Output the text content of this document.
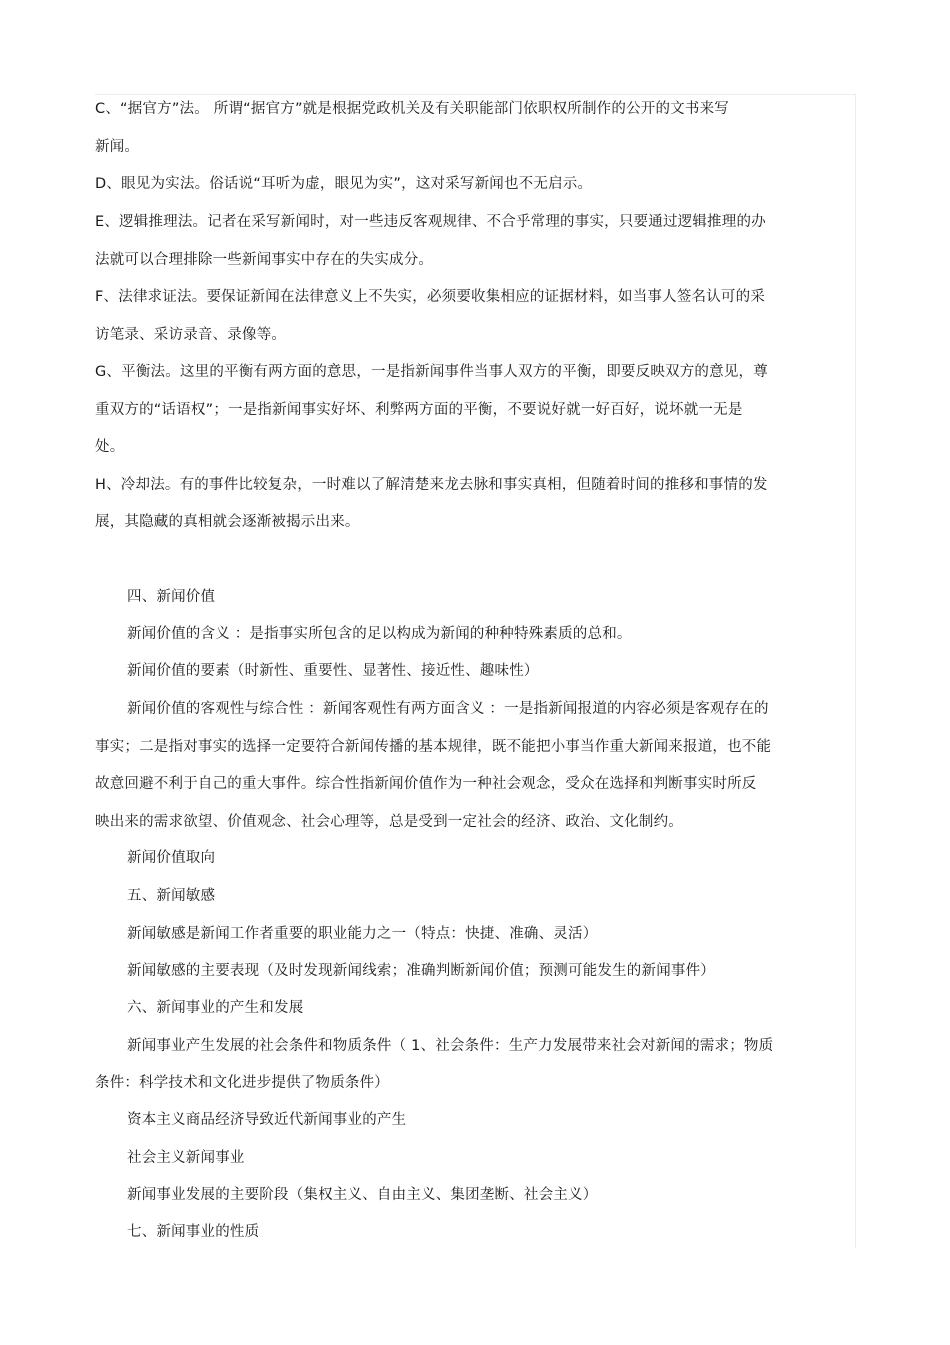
C、“据官方”法。 所谓“据官方”就是根据党政机关及有关职能部门依职权所制作的公开的文书来写
新闻。
D、眼见为实法。俗话说“耳听为虚，眼见为实”，这对采写新闻也不无启示。
E、逻辑推理法。记者在采写新闻时，对一些违反客观规律、不合乎常理的事实，只要通过逻辑推理的办
法就可以合理排除一些新闻事实中存在的失实成分。
F、法律求证法。要保证新闻在法律意义上不失实，必须要收集相应的证据材料，如当事人签名认可的采
访笔录、采访录音、录像等。
G、平衡法。这里的平衡有两方面的意思，一是指新闻事件当事人双方的平衡，即要反映双方的意见，尊
重双方的“话语权”；一是指新闻事实好坏、利弊两方面的平衡，不要说好就一好百好，说坏就一无是
处。
H、冷却法。有的事件比较复杂，一时难以了解清楚来龙去脉和事实真相，但随着时间的推移和事情的发
展，其隐藏的真相就会逐渐被揭示出来。
四、新闻价值
新闻价值的含义 ：是指事实所包含的足以构成为新闻的种种特殊素质的总和。
新闻价值的要素（时新性、重要性、显著性、接近性、趣味性）
新闻价值的客观性与综合性 ：新闻客观性有两方面含义 ：一是指新闻报道的内容必须是客观存在的
事实；二是指对事实的选择一定要符合新闻传播的基本规律，既不能把小事当作重大新闻来报道，也不能
故意回避不利于自己的重大事件。综合性指新闻价值作为一种社会观念，受众在选择和判断事实时所反
映出来的需求欲望、价值观念、社会心理等，总是受到一定社会的经济、政治、文化制约。
新闻价值取向
五、新闻敏感
新闻敏感是新闻工作者重要的职业能力之一（特点：快捷、准确、灵活）
新闻敏感的主要表现（及时发现新闻线索；准确判断新闻价值；预测可能发生的新闻事件）
六、新闻事业的产生和发展
新闻事业产生发展的社会条件和物质条件（ 1、社会条件：生产力发展带来社会对新闻的需求；物质
条件：科学技术和文化进步提供了物质条件）
资本主义商品经济导致近代新闻事业的产生
社会主义新闻事业
新闻事业发展的主要阶段（集权主义、自由主义、集团垄断、社会主义）
七、新闻事业的性质
